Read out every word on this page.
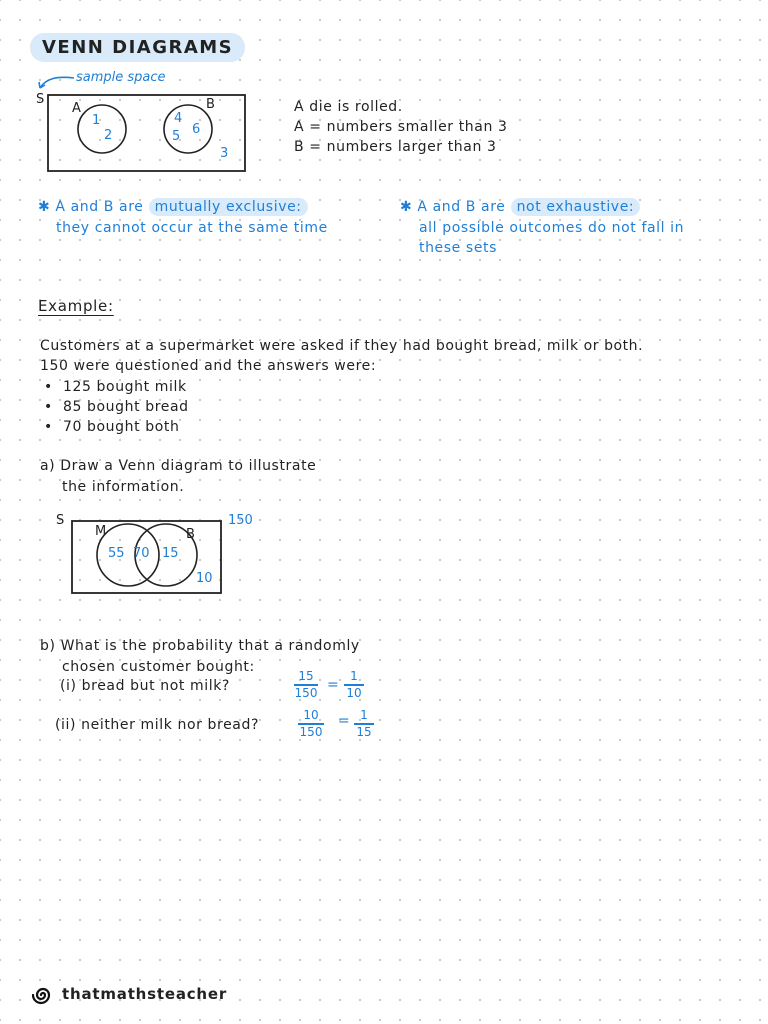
VENN DIAGRAMS
sample space
S
A	B
1
2
4
5 6
3
A die is rolled.
A = numbers smaller than 3
B = numbers larger than 3
✱ A and B are mutually exclusive:
they cannot occur at the same time
✱ A and B are not exhaustive:
all possible outcomes do not fall in
these sets
Example:
Customers at a supermarket were asked if they had bought bread, milk or both.
150 were questioned and the answers were:
•  125 bought milk
•  85 bought bread
•  70 bought both
a) Draw a Venn diagram to illustrate
the information.
S	150
M	B
55 70 15
10
b) What is the probability that a randomly
chosen customer bought:
(i) bread but not milk?
15
150 =
1
10
(ii) neither milk nor bread?
10
150
= 1
15
thatmathsteacher
